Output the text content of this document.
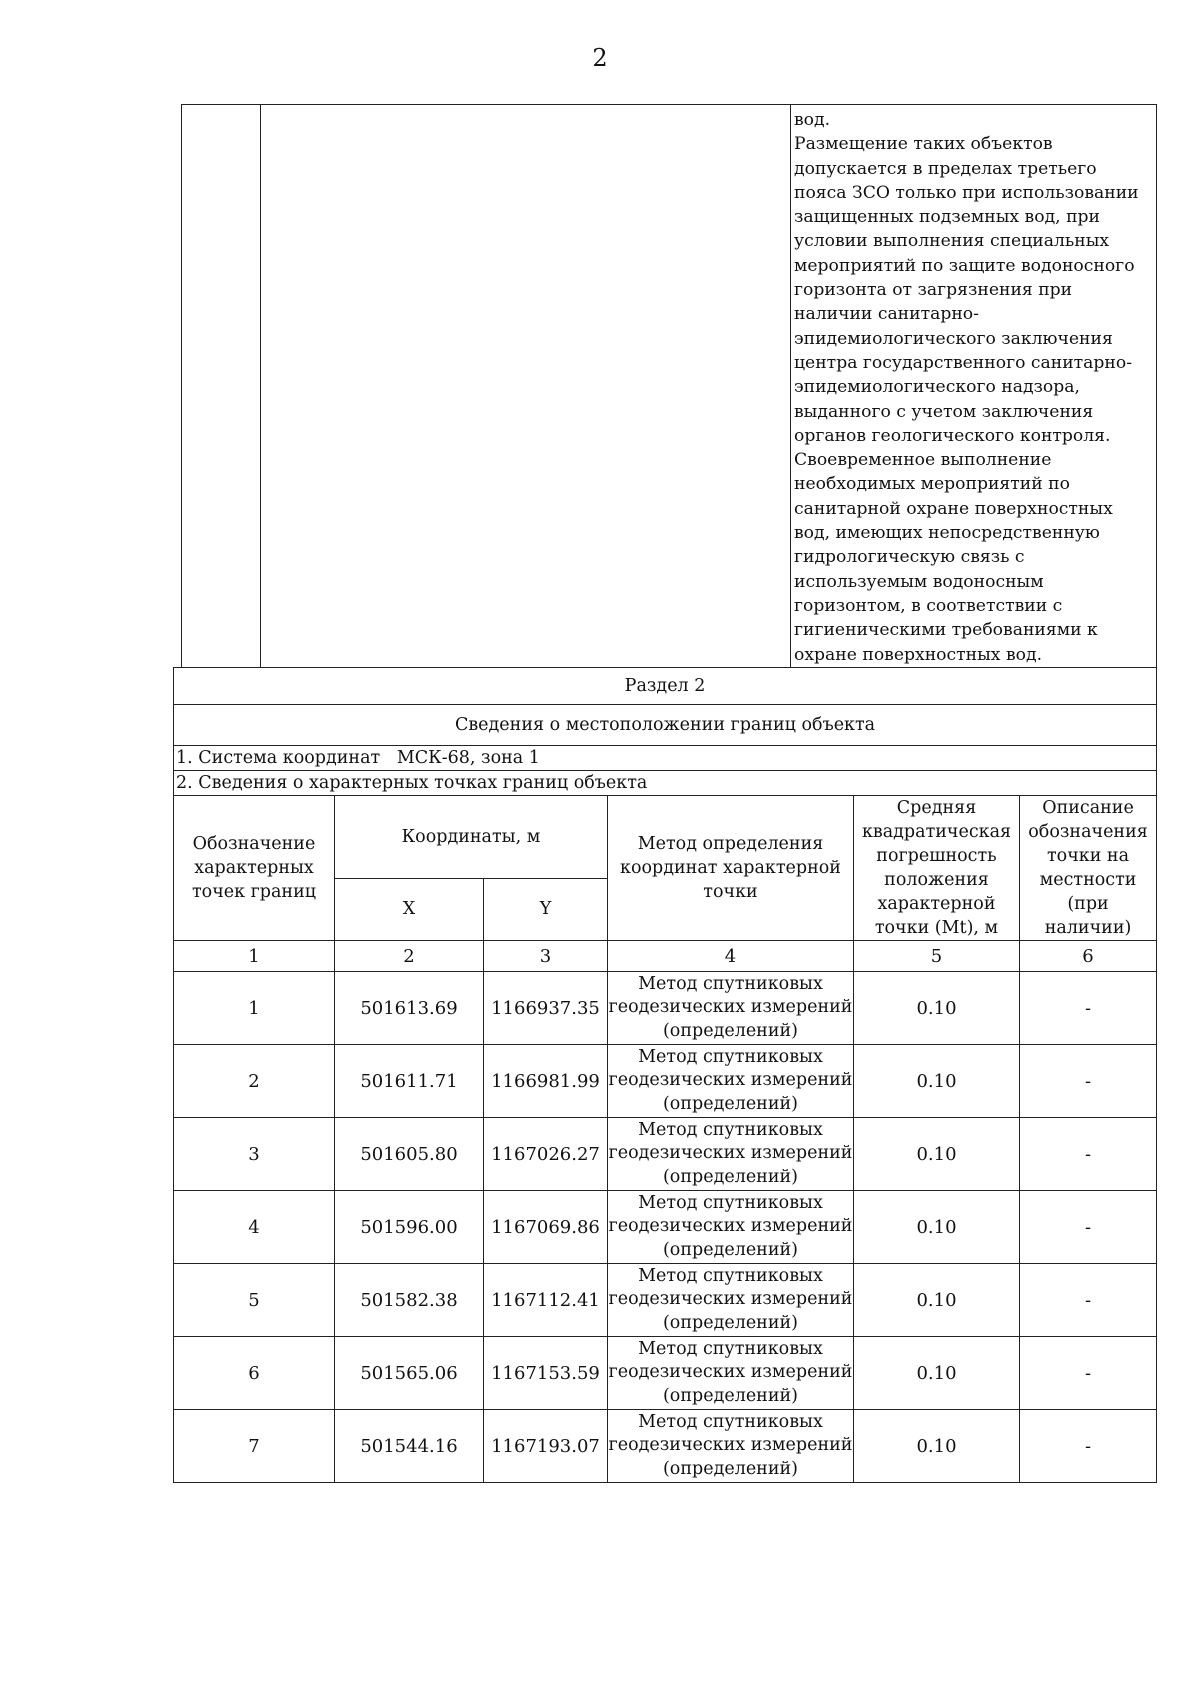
2

вод.

Размещение таких объектов допускается в пределах третьего пояса ЗСО только при использовании защищенных подземных вод, при условии выполнения специальных мероприятий по защите водоносного горизонта от загрязнения при наличии санитарно-эпидемиологического заключения центра государственного санитарно-эпидемиологического надзора, выданного с учетом заключения органов геологического контроля.

Своевременное выполнение необходимых мероприятий по санитарной охране поверхностных вод, имеющих непосредственную гидрологическую связь с используемым водоносным горизонтом, в соответствии с гигиеническими требованиями к охране поверхностных вод.

Раздел 2					
Сведения о местоположении границ объекта					
1. Система координат   МСК-68, зона 1					
2. Сведения о характерных точках границ объекта					
Обозначение характерных точек границ	Координаты, м		Метод определения координат характерной точки	Средняя квадратическая погрешность положения характерной точки (Mt), м	Описание обозначения точки на местности (при наличии)
	X	Y			
1	2	3	4	5	6
1	501613.69	1166937.35	Метод спутниковых геодезических измерений (определений)	0.10	-
2	501611.71	1166981.99	Метод спутниковых геодезических измерений (определений)	0.10	-
3	501605.80	1167026.27	Метод спутниковых геодезических измерений (определений)	0.10	-
4	501596.00	1167069.86	Метод спутниковых геодезических измерений (определений)	0.10	-
5	501582.38	1167112.41	Метод спутниковых геодезических измерений (определений)	0.10	-
6	501565.06	1167153.59	Метод спутниковых геодезических измерений (определений)	0.10	-
7	501544.16	1167193.07	Метод спутниковых геодезических измерений (определений)	0.10	-
